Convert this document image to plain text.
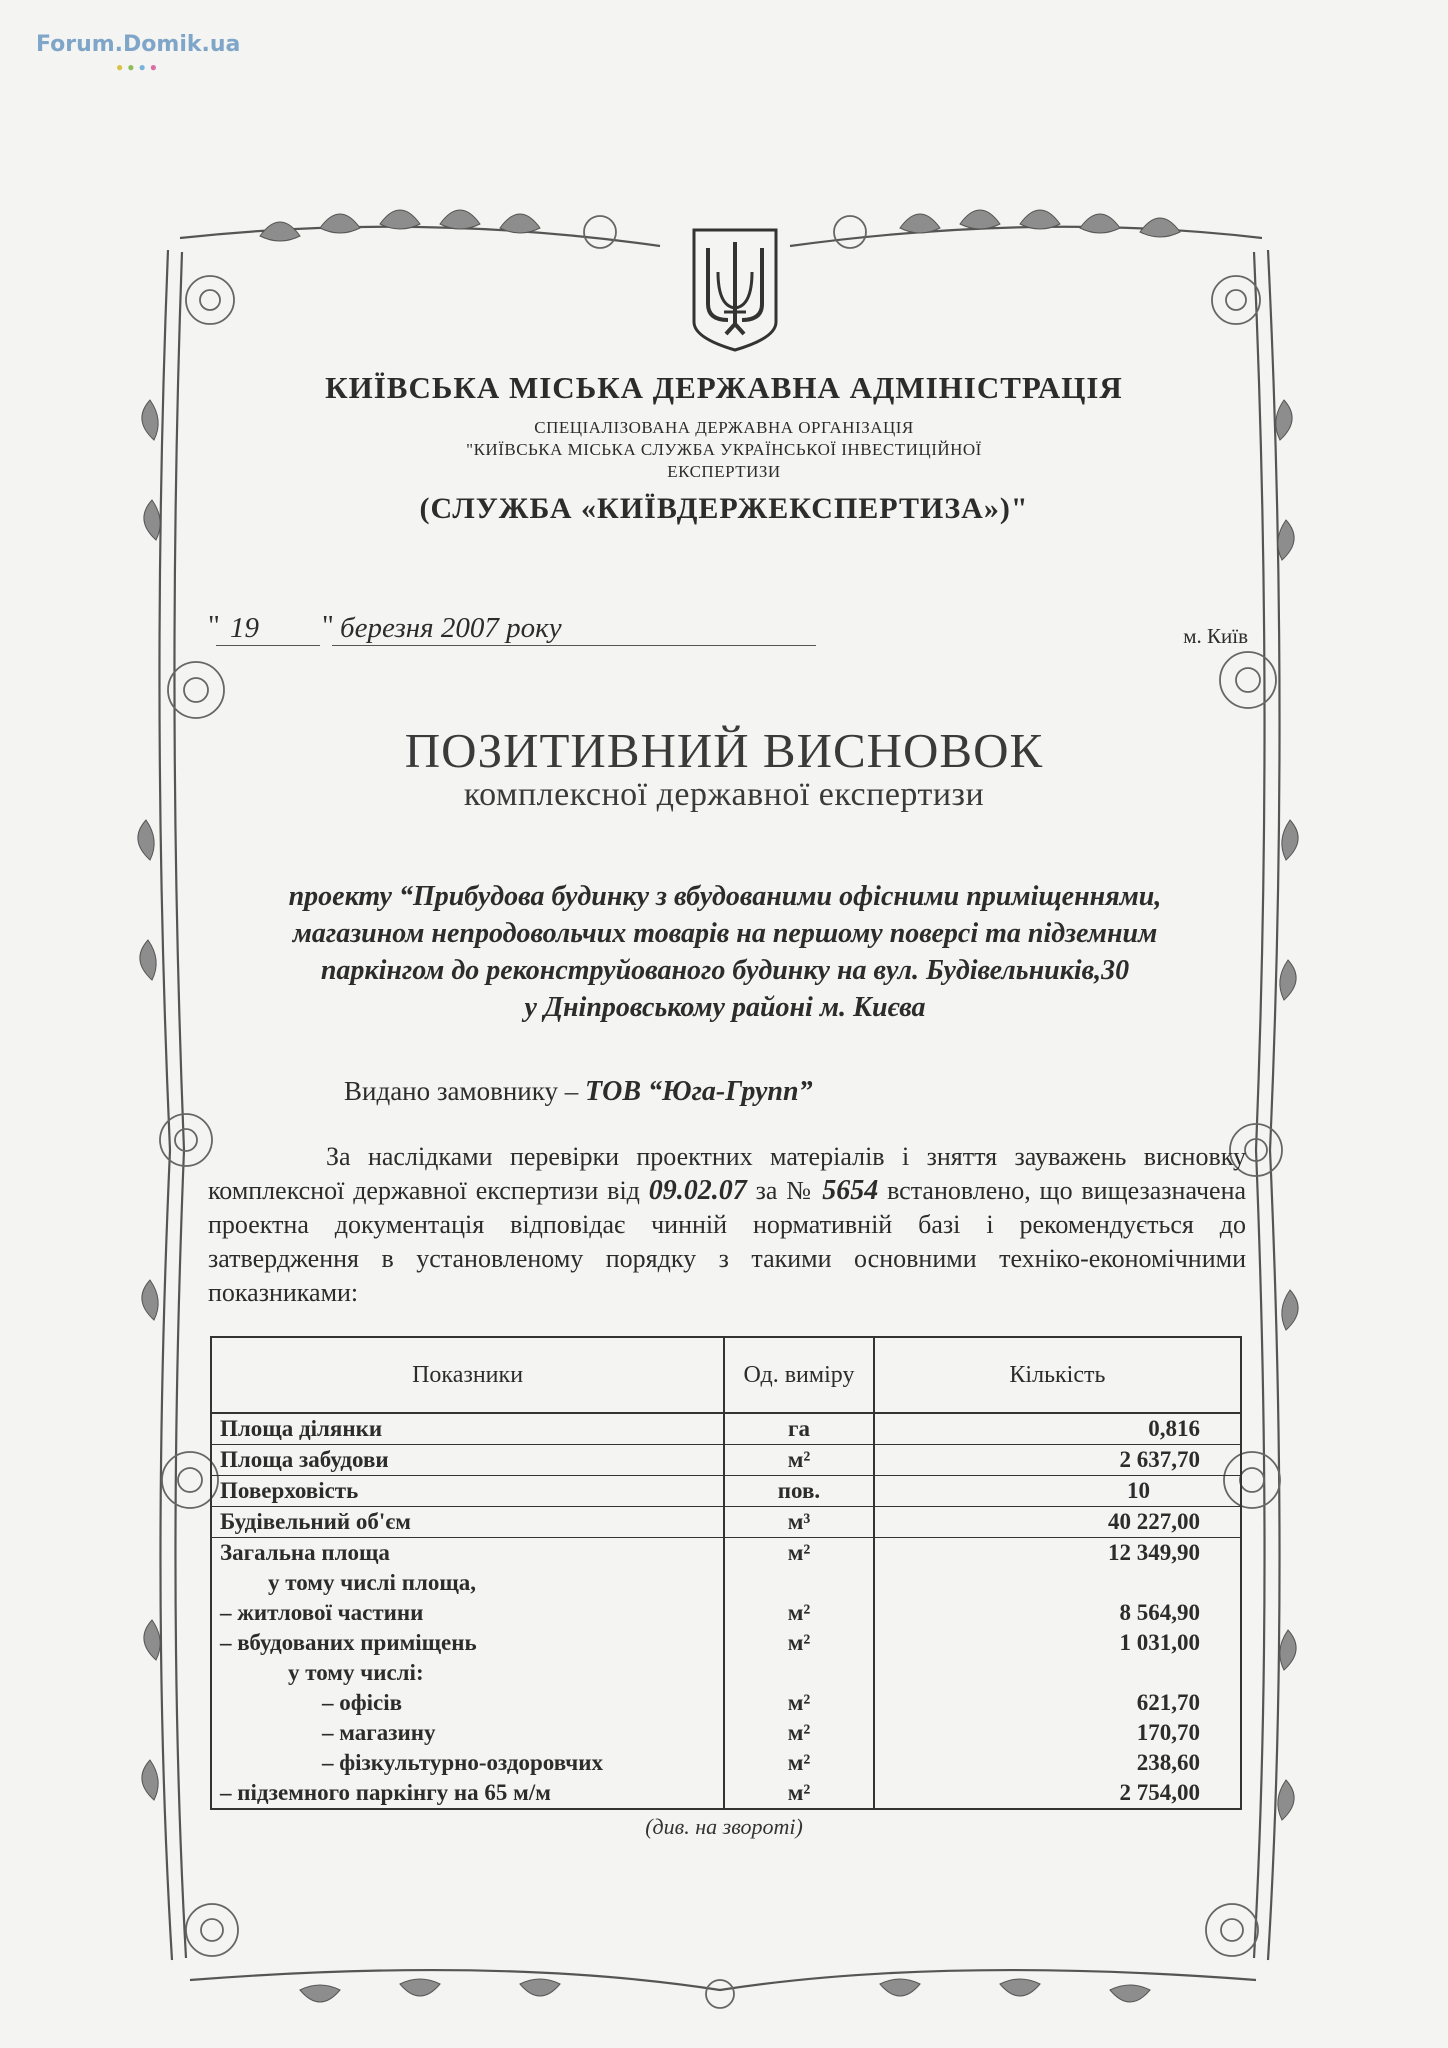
Forum.Domik.ua
●●●●
КИЇВСЬКА МІСЬКА ДЕРЖАВНА АДМІНІСТРАЦІЯ
СПЕЦІАЛІЗОВАНА ДЕРЖАВНА ОРГАНІЗАЦІЯ
"КИЇВСЬКА МІСЬКА СЛУЖБА УКРАЇНСЬКОЇ ІНВЕСТИЦІЙНОЇ
ЕКСПЕРТИЗИ
(СЛУЖБА «КИЇВДЕРЖЕКСПЕРТИЗА»)"
" 19	" березня 2007 року	м. Київ
ПОЗИТИВНИЙ ВИСНОВОК
комплексної державної експертизи
проекту “Прибудова будинку з вбудованими офісними приміщеннями,
магазином непродовольчих товарів на першому поверсі та підземним
паркінгом до реконструйованого будинку на вул. Будівельників,30
у Дніпровському районі м. Києва
Видано замовнику – ТОВ “Юга-Групп”
За наслідками перевірки проектних матеріалів і зняття зауважень висновку комплексної державної експертизи від 09.02.07 за № 5654 встановлено, що вищезазначена проектна документація відповідає чинній нормативній базі і рекомендується до затвердження в установленому порядку з такими основними техніко-економічними показниками:
Показники	Од. виміру	Кількість
Площа ділянки	га	0,816
Площа забудови	м²	2 637,70
Поверховість	пов.	10
Будівельний об'єм	м³	40 227,00
Загальна площа	м²	12 349,90
у тому числі площа,		
– житлової частини	м²	8 564,90
– вбудованих приміщень	м²	1 031,00
у тому числі:		
– офісів	м²	621,70
– магазину	м²	170,70
– фізкультурно-оздоровчих	м²	238,60
– підземного паркінгу на 65 м/м	м²	2 754,00
(див. на звороті)
